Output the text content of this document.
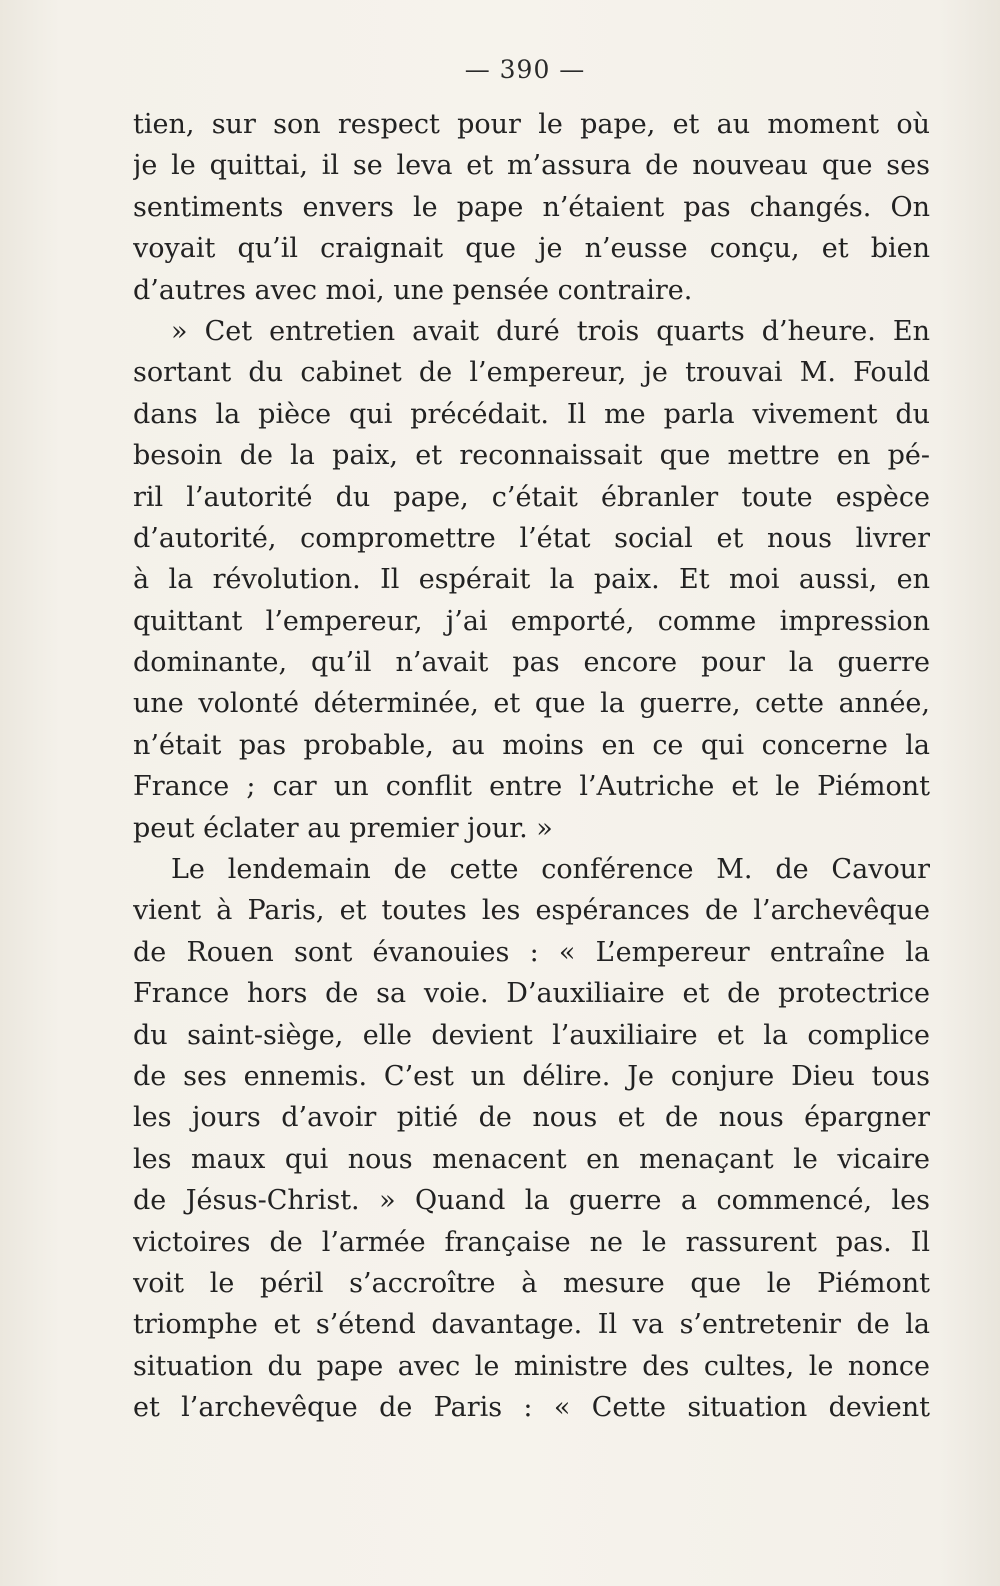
— 390 —
tien, sur son respect pour le pape, et au moment où
je le quittai, il se leva et m’assura de nouveau que ses
sentiments envers le pape n’étaient pas changés. On
voyait qu’il craignait que je n’eusse conçu, et bien
d’autres avec moi, une pensée contraire.
» Cet entretien avait duré trois quarts d’heure. En
sortant du cabinet de l’empereur, je trouvai M. Fould
dans la pièce qui précédait. Il me parla vivement du
besoin de la paix, et reconnaissait que mettre en pé-
ril l’autorité du pape, c’était ébranler toute espèce
d’autorité, compromettre l’état social et nous livrer
à la révolution. Il espérait la paix. Et moi aussi, en
quittant l’empereur, j’ai emporté, comme impression
dominante, qu’il n’avait pas encore pour la guerre
une volonté déterminée, et que la guerre, cette année,
n’était pas probable, au moins en ce qui concerne la
France ; car un conflit entre l’Autriche et le Piémont
peut éclater au premier jour. »
Le lendemain de cette conférence M. de Cavour
vient à Paris, et toutes les espérances de l’archevêque
de Rouen sont évanouies : « L’empereur entraîne la
France hors de sa voie. D’auxiliaire et de protectrice
du saint-siège, elle devient l’auxiliaire et la complice
de ses ennemis. C’est un délire. Je conjure Dieu tous
les jours d’avoir pitié de nous et de nous épargner
les maux qui nous menacent en menaçant le vicaire
de Jésus-Christ. » Quand la guerre a commencé, les
victoires de l’armée française ne le rassurent pas. Il
voit le péril s’accroître à mesure que le Piémont
triomphe et s’étend davantage. Il va s’entretenir de la
situation du pape avec le ministre des cultes, le nonce
et l’archevêque de Paris : « Cette situation devient
